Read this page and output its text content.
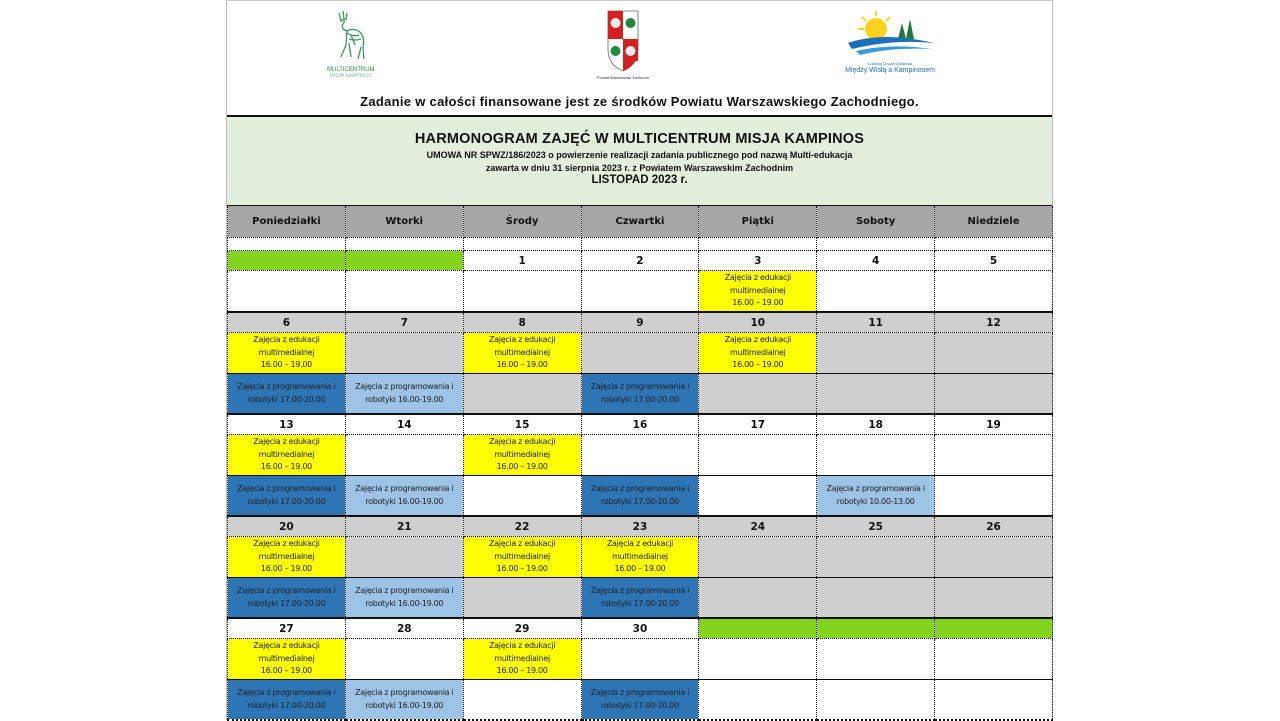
MULTICENTRUM
MISJA KAMPINOS	Powiat Warszawski Zachodni
Lokalna Grupa Działania
Między Wisłą a Kampinosem
Zadanie w całości finansowane jest ze środków Powiatu Warszawskiego Zachodniego.
HARMONOGRAM ZAJĘĆ W MULTICENTRUM MISJA KAMPINOS
UMOWA NR SPWZ/186/2023 o powierzenie realizacji zadania publicznego pod nazwą Multi-edukacja
zawarta w dniu 31 sierpnia 2023 r. z Powiatem Warszawskim Zachodnim
LISTOPAD 2023 r.
Poniedziałki	Wtorki	Środy	Czwartki	Piątki	Soboty	Niedziele

		1	2	3	4	5

				Zajęcia z edukacji
multimedialnej
16.00 – 19.00		

6	7	8	9	10	11	12

Zajęcia z edukacji
multimedialnej
16.00 – 19.00		Zajęcia z edukacji
multimedialnej
16.00 – 19.00		Zajęcia z edukacji
multimedialnej
16.00 – 19.00		

Zajęcia z programowania i
robotyki 17.00-20.00	Zajęcia z programowania i
robotyki 16.00-19.00		Zajęcia z programowania i
robotyki 17.00-20.00			

13	14	15	16	17	18	19

Zajęcia z edukacji
multimedialnej
16.00 – 19.00		Zajęcia z edukacji
multimedialnej
16.00 – 19.00				

Zajęcia z programowania i
robotyki 17.00-20.00	Zajęcia z programowania i
robotyki 16.00-19.00		Zajęcia z programowania i
robotyki 17.00-20.00		Zajęcia z programowania i
robotyki 10.00-13.00	

20	21	22	23	24	25	26

Zajęcia z edukacji
multimedialnej
16.00 – 19.00		Zajęcia z edukacji
multimedialnej
16.00 – 19.00	Zajęcia z edukacji
multimedialnej
16.00 – 19.00			

Zajęcia z programowania i
robotyki 17.00-20.00	Zajęcia z programowania i
robotyki 16.00-19.00		Zajęcia z programowania i
robotyki 17.00-20.00			

27	28	29	30			

Zajęcia z edukacji
multimedialnej
16.00 – 19.00		Zajęcia z edukacji
multimedialnej
16.00 – 19.00				

Zajęcia z programowania i
robotyki 17.00-20.00	Zajęcia z programowania i
robotyki 16.00-19.00		Zajęcia z programowania i
robotyki 17.00-20.00			
